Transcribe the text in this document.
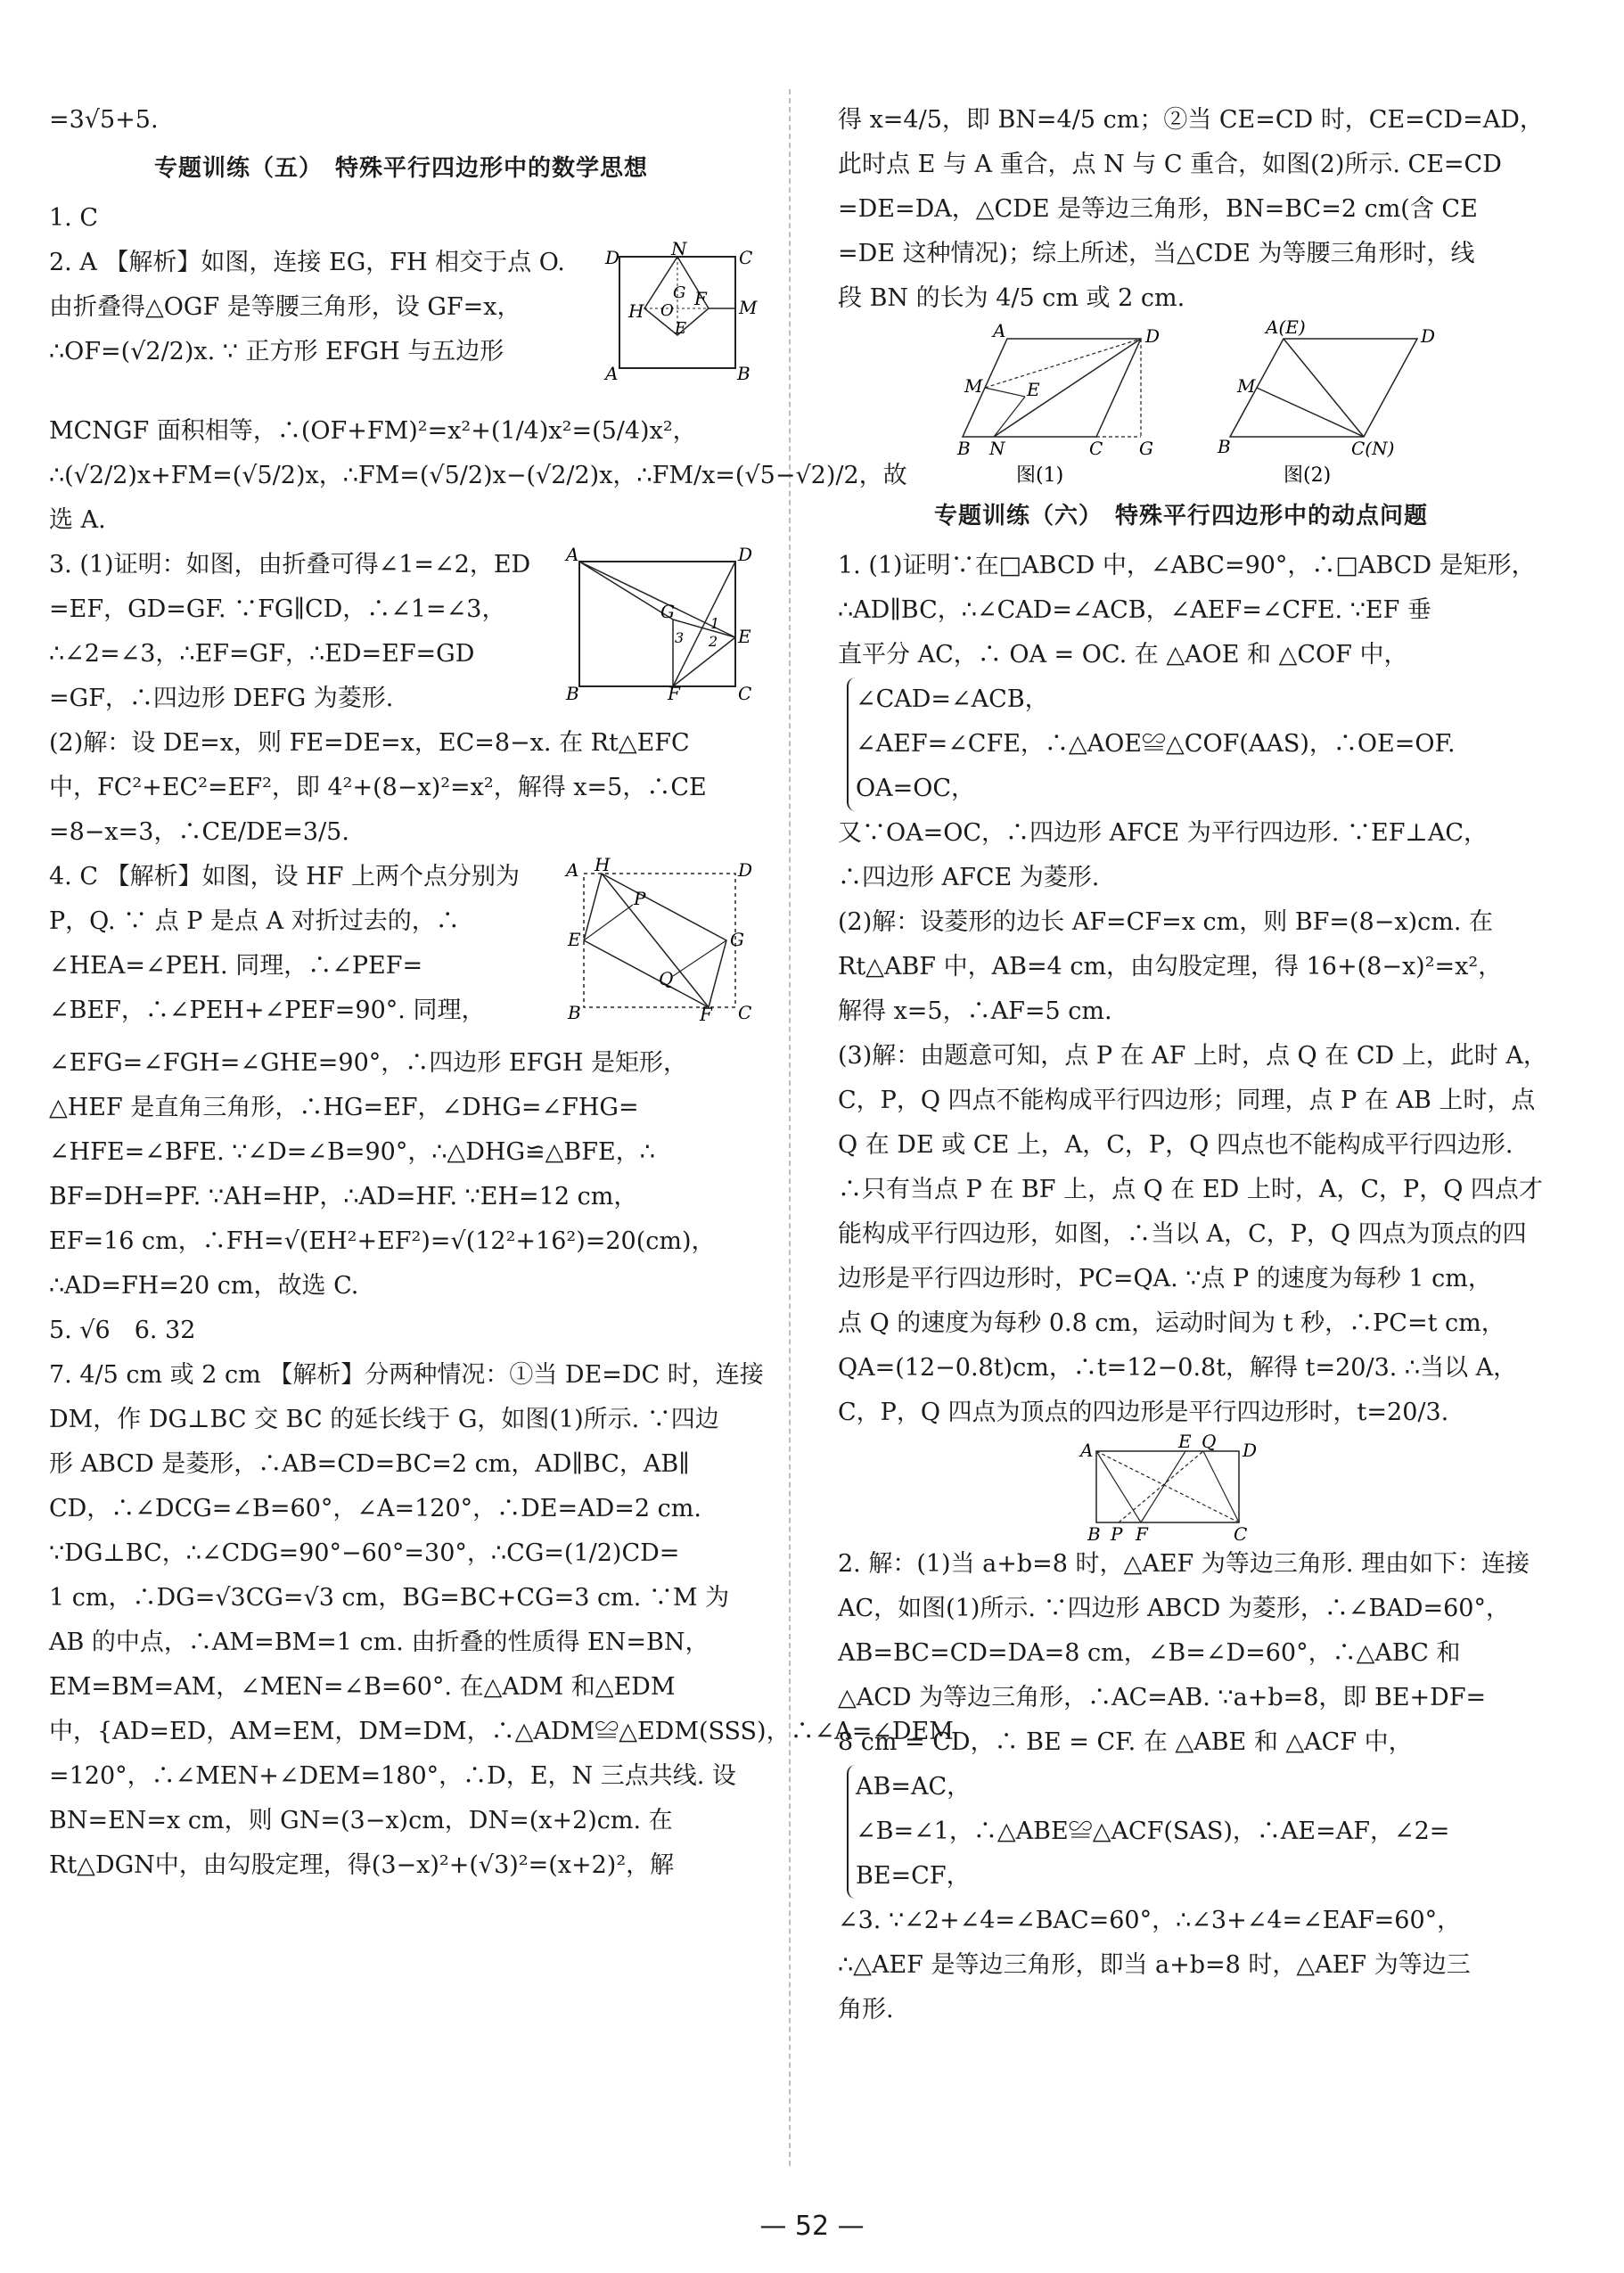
=3√5+5.
专题训练（五）　特殊平行四边形中的数学思想
1. C
D	N	C
F M
H O
G
E
A	B
2. A 【解析】如图，连接 EG，FH 相交于点 O.
由折叠得△OGF 是等腰三角形，设 GF=x，
∴OF=(√2/2)x. ∵ 正方形 EFGH 与五边形
MCNGF 面积相等，∴(OF+FM)²=x²+(1/4)x²=(5/4)x²，
∴(√2/2)x+FM=(√5/2)x，∴FM=(√5/2)x−(√2/2)x，∴FM/x=(√5−√2)/2，故
选 A.
A	D
G
1
3 2 E
B	F	C
3. (1)证明：如图，由折叠可得∠1=∠2，ED
=EF，GD=GF. ∵FG∥CD，∴∠1=∠3，
∴∠2=∠3，∴EF=GF，∴ED=EF=GD
=GF，∴四边形 DEFG 为菱形.
(2)解：设 DE=x，则 FE=DE=x，EC=8−x. 在 Rt△EFC
中，FC²+EC²=EF²，即 4²+(8−x)²=x²，解得 x=5，∴CE
=8−x=3，∴CE/DE=3/5.
A H	D
P
E	G
Q
B	F C
4. C 【解析】如图，设 HF 上两个点分别为
P，Q. ∵ 点 P 是点 A 对折过去的，∴
∠HEA=∠PEH. 同理，∴∠PEF=
∠BEF，∴∠PEH+∠PEF=90°. 同理，
∠EFG=∠FGH=∠GHE=90°，∴四边形 EFGH 是矩形，
△HEF 是直角三角形，∴HG=EF，∠DHG=∠FHG=
∠HFE=∠BFE. ∵∠D=∠B=90°，∴△DHG≌△BFE，∴
BF=DH=PF. ∵AH=HP，∴AD=HF. ∵EH=12 cm，
EF=16 cm，∴FH=√(EH²+EF²)=√(12²+16²)=20(cm)，
∴AD=FH=20 cm，故选 C.
5. √6　6. 32
7. 4/5 cm 或 2 cm 【解析】分两种情况：①当 DE=DC 时，连接
DM，作 DG⊥BC 交 BC 的延长线于 G，如图(1)所示. ∵四边
形 ABCD 是菱形，∴AB=CD=BC=2 cm，AD∥BC，AB∥
CD，∴∠DCG=∠B=60°，∠A=120°，∴DE=AD=2 cm.
∵DG⊥BC，∴∠CDG=90°−60°=30°，∴CG=(1/2)CD=
1 cm，∴DG=√3CG=√3 cm，BG=BC+CG=3 cm. ∵M 为
AB 的中点，∴AM=BM=1 cm. 由折叠的性质得 EN=BN，
EM=BM=AM，∠MEN=∠B=60°. 在△ADM 和△EDM
中，{AD=ED，AM=EM，DM=DM，∴△ADM≌△EDM(SSS)，∴∠A=∠DEM
=120°，∴∠MEN+∠DEM=180°，∴D，E，N 三点共线. 设
BN=EN=x cm，则 GN=(3−x)cm，DN=(x+2)cm. 在
Rt△DGN中，由勾股定理，得(3−x)²+(√3)²=(x+2)²，解
得 x=4/5，即 BN=4/5 cm；②当 CE=CD 时，CE=CD=AD，
此时点 E 与 A 重合，点 N 与 C 重合，如图(2)所示. CE=CD
=DE=DA，△CDE 是等边三角形，BN=BC=2 cm(含 CE
=DE 这种情况)；综上所述，当△CDE 为等腰三角形时，线
段 BN 的长为 4/5 cm 或 2 cm.
A	D
M E
B N	C G
图(1)
A(E)	D
M
B	C(N)
图(2)
专题训练（六）　特殊平行四边形中的动点问题
1. (1)证明∵在□ABCD 中，∠ABC=90°，∴□ABCD 是矩形，
∴AD∥BC，∴∠CAD=∠ACB，∠AEF=∠CFE. ∵EF 垂
直平分 AC，∴ OA = OC. 在 △AOE 和 △COF 中，
∠CAD=∠ACB，
∠AEF=∠CFE，∴△AOE≌△COF(AAS)，∴OE=OF.
OA=OC，
又∵OA=OC，∴四边形 AFCE 为平行四边形. ∵EF⊥AC，
∴四边形 AFCE 为菱形.
(2)解：设菱形的边长 AF=CF=x cm，则 BF=(8−x)cm. 在
Rt△ABF 中，AB=4 cm，由勾股定理，得 16+(8−x)²=x²，
解得 x=5，∴AF=5 cm.
(3)解：由题意可知，点 P 在 AF 上时，点 Q 在 CD 上，此时 A，
C，P，Q 四点不能构成平行四边形；同理，点 P 在 AB 上时，点
Q 在 DE 或 CE 上，A，C，P，Q 四点也不能构成平行四边形.
∴只有当点 P 在 BF 上，点 Q 在 ED 上时，A，C，P，Q 四点才
能构成平行四边形，如图，∴当以 A，C，P，Q 四点为顶点的四
边形是平行四边形时，PC=QA. ∵点 P 的速度为每秒 1 cm，
点 Q 的速度为每秒 0.8 cm，运动时间为 t 秒，∴PC=t cm，
QA=(12−0.8t)cm，∴t=12−0.8t，解得 t=20/3. ∴当以 A，
C，P，Q 四点为顶点的四边形是平行四边形时，t=20/3.
A	E Q D
B P F	C
2. 解：(1)当 a+b=8 时，△AEF 为等边三角形. 理由如下：连接
AC，如图(1)所示. ∵四边形 ABCD 为菱形，∴∠BAD=60°，
AB=BC=CD=DA=8 cm，∠B=∠D=60°，∴△ABC 和
△ACD 为等边三角形，∴AC=AB. ∵a+b=8，即 BE+DF=
8 cm = CD，∴ BE = CF. 在 △ABE 和 △ACF 中，
AB=AC，
∠B=∠1，∴△ABE≌△ACF(SAS)，∴AE=AF，∠2=
BE=CF，
∠3. ∵∠2+∠4=∠BAC=60°，∴∠3+∠4=∠EAF=60°，
∴△AEF 是等边三角形，即当 a+b=8 时，△AEF 为等边三
角形.
— 52 —
